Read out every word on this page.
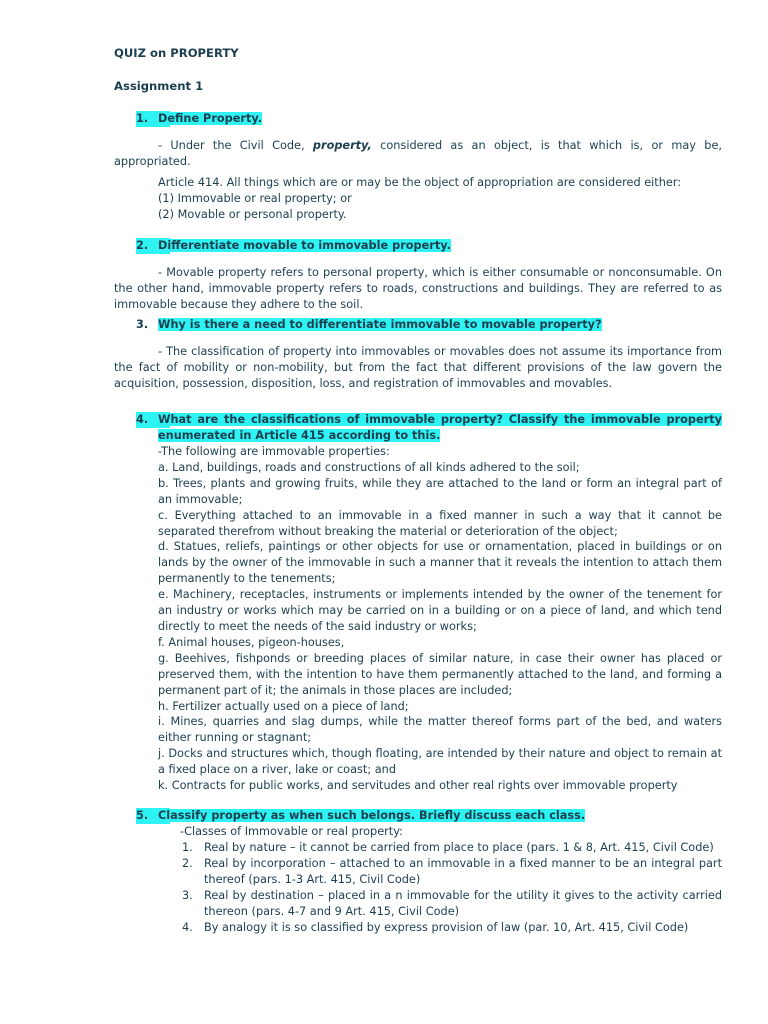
QUIZ on PROPERTY

Assignment 1

1. Define Property.

- Under the Civil Code, property, considered as an object, is that which is, or may be, appropriated.

Article 414. All things which are or may be the object of appropriation are considered either:

(1) Immovable or real property; or

(2) Movable or personal property.

2. Differentiate movable to immovable property.

- Movable property refers to personal property, which is either consumable or nonconsumable. On the other hand, immovable property refers to roads, constructions and buildings. They are referred to as immovable because they adhere to the soil.

3. Why is there a need to differentiate immovable to movable property?

- The classification of property into immovables or movables does not assume its importance from the fact of mobility or non-mobility, but from the fact that different provisions of the law govern the acquisition, possession, disposition, loss, and registration of immovables and movables.

4. What are the classifications of immovable property? Classify the immovable property enumerated in Article 415 according to this.

-The following are immovable properties:

a. Land, buildings, roads and constructions of all kinds adhered to the soil;

b. Trees, plants and growing fruits, while they are attached to the land or form an integral part of an immovable;

c. Everything attached to an immovable in a fixed manner in such a way that it cannot be separated therefrom without breaking the material or deterioration of the object;

d. Statues, reliefs, paintings or other objects for use or ornamentation, placed in buildings or on lands by the owner of the immovable in such a manner that it reveals the intention to attach them permanently to the tenements;

e. Machinery, receptacles, instruments or implements intended by the owner of the tenement for an industry or works which may be carried on in a building or on a piece of land, and which tend directly to meet the needs of the said industry or works;

f. Animal houses, pigeon-houses,

g. Beehives, fishponds or breeding places of similar nature, in case their owner has placed or preserved them, with the intention to have them permanently attached to the land, and forming a permanent part of it; the animals in those places are included;

h. Fertilizer actually used on a piece of land;

i. Mines, quarries and slag dumps, while the matter thereof forms part of the bed, and waters either running or stagnant;

j. Docks and structures which, though floating, are intended by their nature and object to remain at a fixed place on a river, lake or coast; and

k. Contracts for public works, and servitudes and other real rights over immovable property

5. Classify property as when such belongs. Briefly discuss each class.

-Classes of Immovable or real property:

1. Real by nature – it cannot be carried from place to place (pars. 1 & 8, Art. 415, Civil Code)
2. Real by incorporation – attached to an immovable in a fixed manner to be an integral part thereof (pars. 1-3 Art. 415, Civil Code)
3. Real by destination – placed in a n immovable for the utility it gives to the activity carried thereon (pars. 4-7 and 9 Art. 415, Civil Code)
4. By analogy it is so classified by express provision of law (par. 10, Art. 415, Civil Code)
